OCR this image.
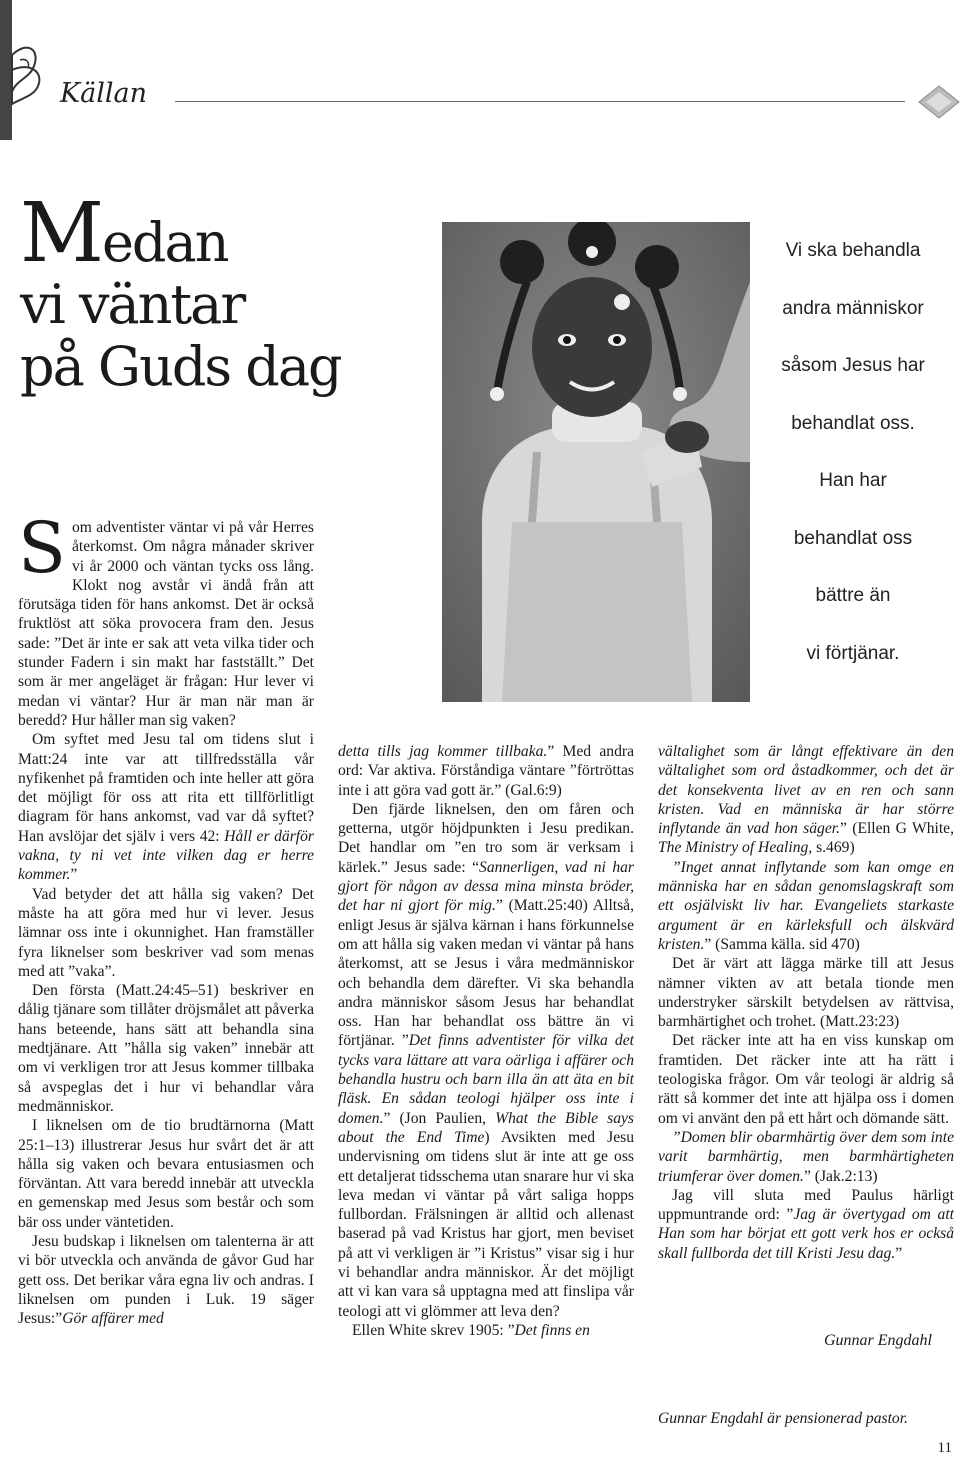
Källan
Medan
vi väntar
på Guds dag

Som adventister väntar vi på vår Herres återkomst. Om några månader skriver vi år 2000 och väntan tycks oss lång. Klokt nog avstår vi ändå från att förutsäga tiden för hans ankomst. Det är också fruktlöst att söka provocera fram den. Jesus sade: ”Det är inte er sak att veta vilka tider och stunder Fadern i sin makt har fastställt.” Det som är mer angeläget är frågan: Hur lever vi medan vi väntar? Hur är man när man är beredd? Hur håller man sig vaken?

Om syftet med Jesu tal om tidens slut i Matt:24 inte var att tillfredsställa vår nyfikenhet på framtiden och inte heller att göra det möjligt för oss att rita ett tillförlitligt diagram för hans ankomst, vad var då syftet? Han avslöjar det själv i vers 42: Håll er därför vakna, ty ni vet inte vilken dag er herre kommer.”

Vad betyder det att hålla sig vaken? Det måste ha att göra med hur vi lever. Jesus lämnar oss inte i okunnighet. Han framställer fyra liknelser som beskriver vad som menas med att ”vaka”.

Den första (Matt.24:45–51) beskriver en dålig tjänare som tillåter dröjsmålet att påverka hans beteende, hans sätt att behandla sina medtjänare. Att ”hålla sig vaken” innebär att om vi verkligen tror att Jesus kommer tillbaka så avspeglas det i hur vi behandlar våra medmänniskor.

I liknelsen om de tio brudtärnorna (Matt 25:1–13) illustrerar Jesus hur svårt det är att hålla sig vaken och bevara entusiasmen och förväntan. Att vara beredd innebär att utveckla en gemenskap med Jesus som består och som bär oss under väntetiden.

Jesu budskap i liknelsen om talenterna är att vi bör utveckla och använda de gåvor Gud har gett oss. Det berikar våra egna liv och andras. I liknelsen om punden i Luk. 19 säger Jesus:”Gör affärer med

Vi ska behandla
andra människor
såsom Jesus har
behandlat oss.
Han har
behandlat oss
bättre än
vi förtjänar.

detta tills jag kommer tillbaka.” Med andra ord: Var aktiva. Förståndiga väntare ”förtröttas inte i att göra vad gott är.” (Gal.6:9)

Den fjärde liknelsen, den om fåren och getterna, utgör höjdpunkten i Jesu predikan. Det handlar om ”en tro som är verksam i kärlek.” Jesus sade: “Sannerligen, vad ni har gjort för någon av dessa mina minsta bröder, det har ni gjort för mig.” (Matt.25:40) Alltså, enligt Jesus är själva kärnan i hans förkunnelse om att hålla sig vaken medan vi väntar på hans återkomst, att se Jesus i våra medmänniskor och behandla dem därefter. Vi ska behandla andra människor såsom Jesus har behandlat oss. Han har behandlat oss bättre än vi förtjänar. ”Det finns adventister för vilka det tycks vara lättare att vara oärliga i affärer och behandla hustru och barn illa än att äta en bit fläsk. En sådan teologi hjälper oss inte i domen.” (Jon Paulien, What the Bible says about the End Time) Avsikten med Jesu undervisning om tidens slut är inte att ge oss ett detaljerat tidsschema utan snarare hur vi ska leva medan vi väntar på vårt saliga hopps fullbordan. Frälsningen är alltid och allenast baserad på vad Kristus har gjort, men beviset på att vi verkligen är ”i Kristus” visar sig i hur vi behandlar andra människor. Är det möjligt att vi kan vara så upptagna med att finslipa vår teologi att vi glömmer att leva den?

Ellen White skrev 1905: ”Det finns en

vältalighet som är långt effektivare än den vältalighet som ord åstadkommer, och det är det konsekventa livet av en ren och sann kristen. Vad en människa är har större inflytande än vad hon säger.” (Ellen G White, The Ministry of Healing, s.469)

”Inget annat inflytande som kan omge en människa har en sådan genomslagskraft som ett osjälviskt liv har. Evangeliets starkaste argument är en kärleksfull och älskvärd kristen.” (Samma källa. sid 470)

Det är värt att lägga märke till att Jesus nämner vikten av att betala tionde men understryker särskilt betydelsen av rättvisa, barmhärtighet och trohet. (Matt.23:23)

Det räcker inte att ha en viss kunskap om framtiden. Det räcker inte att ha rätt i teologiska frågor. Om vår teologi är aldrig så rätt så kommer det inte att hjälpa oss i domen om vi använt den på ett hårt och dömande sätt.

”Domen blir obarmhärtig över dem som inte varit barmhärtig, men barmhärtigheten triumferar över domen.” (Jak.2:13)

Jag vill sluta med Paulus härligt uppmuntrande ord: ”Jag är övertygad om att Han som har börjat ett gott verk hos er också skall fullborda det till Kristi Jesu dag.”

Gunnar Engdahl
Gunnar Engdahl är pensionerad pastor.
11
